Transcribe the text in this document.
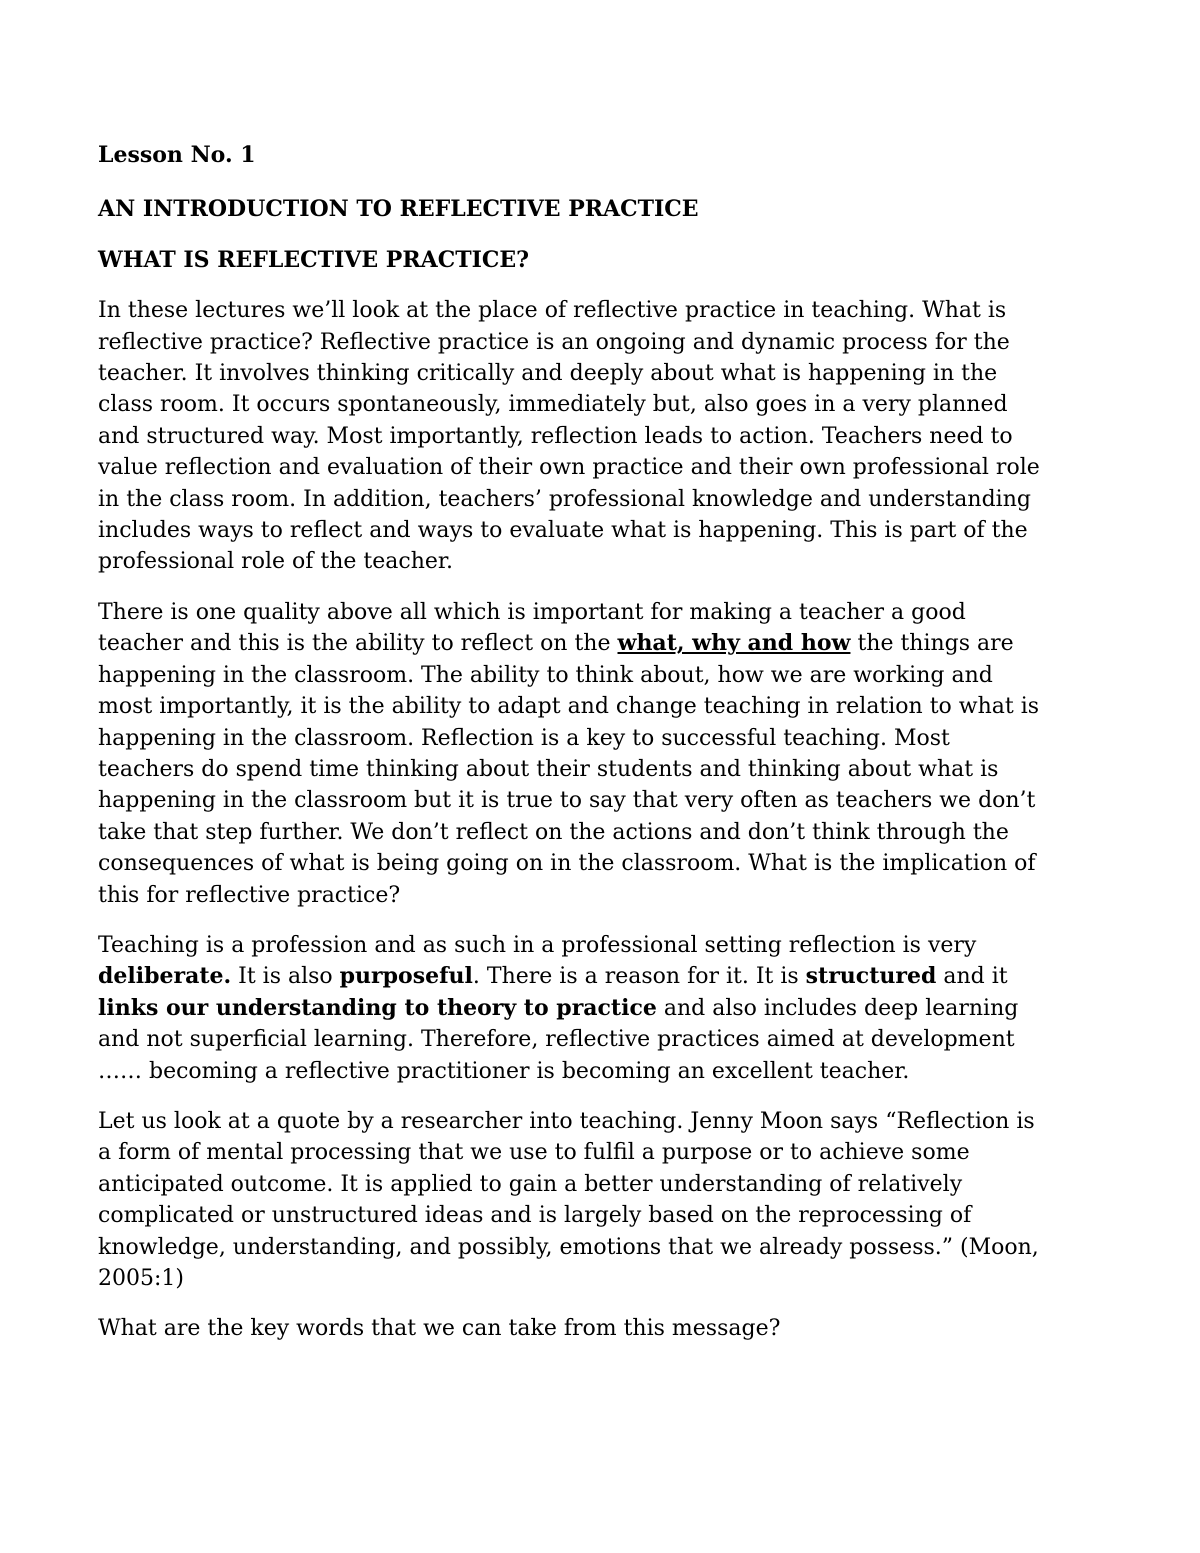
Lesson No. 1
AN INTRODUCTION TO REFLECTIVE PRACTICE
WHAT IS REFLECTIVE PRACTICE?

In these lectures we’ll look at the place of reflective practice in teaching. What is
reflective practice? Reflective practice is an ongoing and dynamic process for the
teacher. It involves thinking critically and deeply about what is happening in the
class room. It occurs spontaneously, immediately but, also goes in a very planned
and structured way. Most importantly, reflection leads to action. Teachers need to
value reflection and evaluation of their own practice and their own professional role
in the class room. In addition, teachers’ professional knowledge and understanding
includes ways to reflect and ways to evaluate what is happening. This is part of the
professional role of the teacher.

There is one quality above all which is important for making a teacher a good
teacher and this is the ability to reflect on the what, why and how the things are
happening in the classroom. The ability to think about, how we are working and
most importantly, it is the ability to adapt and change teaching in relation to what is
happening in the classroom. Reflection is a key to successful teaching. Most
teachers do spend time thinking about their students and thinking about what is
happening in the classroom but it is true to say that very often as teachers we don’t
take that step further. We don’t reflect on the actions and don’t think through the
consequences of what is being going on in the classroom. What is the implication of
this for reflective practice?

Teaching is a profession and as such in a professional setting reflection is very
deliberate. It is also purposeful. There is a reason for it. It is structured and it
links our understanding to theory to practice and also includes deep learning
and not superficial learning. Therefore, reflective practices aimed at development
…… becoming a reflective practitioner is becoming an excellent teacher.

Let us look at a quote by a researcher into teaching. Jenny Moon says “Reflection is
a form of mental processing that we use to fulfil a purpose or to achieve some
anticipated outcome. It is applied to gain a better understanding of relatively
complicated or unstructured ideas and is largely based on the reprocessing of
knowledge, understanding, and possibly, emotions that we already possess.” (Moon,
2005:1)

What are the key words that we can take from this message?
